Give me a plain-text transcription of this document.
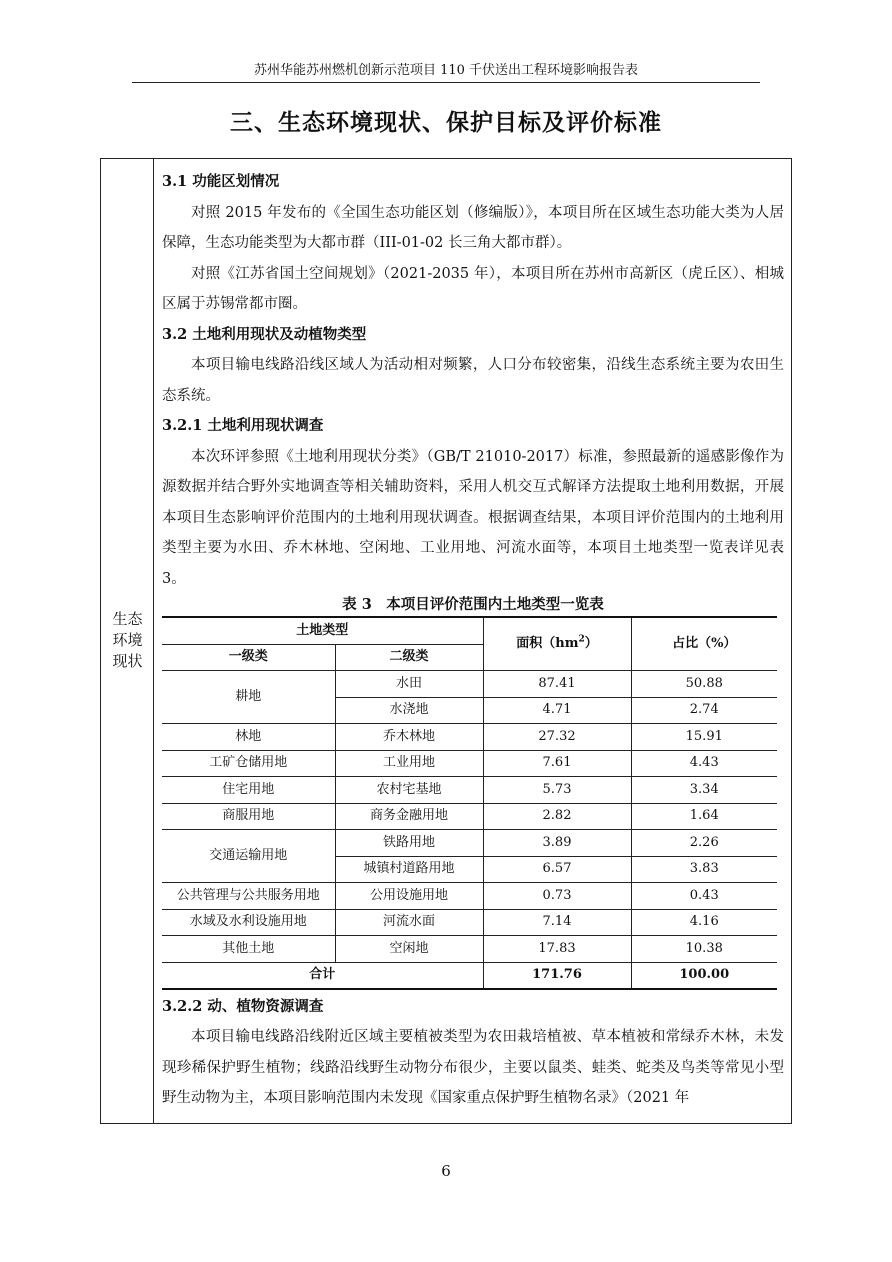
苏州华能苏州燃机创新示范项目 110 千伏送出工程环境影响报告表
三、生态环境现状、保护目标及评价标准
生态
环境
现状

3.1 功能区划情况

对照 2015 年发布的《全国生态功能区划（修编版）》，本项目所在区域生态功能大类为人居保障，生态功能类型为大都市群（III-01-02 长三角大都市群）。

对照《江苏省国土空间规划》（2021-2035 年），本项目所在苏州市高新区（虎丘区）、相城区属于苏锡常都市圈。

3.2 土地利用现状及动植物类型

本项目输电线路沿线区域人为活动相对频繁，人口分布较密集，沿线生态系统主要为农田生态系统。

3.2.1 土地利用现状调查

本次环评参照《土地利用现状分类》（GB/T 21010-2017）标准，参照最新的遥感影像作为源数据并结合野外实地调查等相关辅助资料，采用人机交互式解译方法提取土地利用数据，开展本项目生态影响评价范围内的土地利用现状调查。根据调查结果，本项目评价范围内的土地利用类型主要为水田、乔木林地、空闲地、工业用地、河流水面等，本项目土地类型一览表详见表 3。

表 3　本项目评价范围内土地类型一览表
土地类型		面积$(hm^2)$	占比（%）
一级类	二级类		
耕地	水田	87.41	50.88
	水浇地	4.71	2.74
林地	乔木林地	27.32	15.91
工矿仓储用地	工业用地	7.61	4.43
住宅用地	农村宅基地	5.73	3.34
商服用地	商务金融用地	2.82	1.64
交通运输用地	铁路用地	3.89	2.26
	城镇村道路用地	6.57	3.83
公共管理与公共服务用地	公用设施用地	0.73	0.43
水域及水利设施用地	河流水面	7.14	4.16
其他土地	空闲地	17.83	10.38
合计		171.76	100.00

3.2.2 动、植物资源调查

本项目输电线路沿线附近区域主要植被类型为农田栽培植被、草本植被和常绿乔木林，未发现珍稀保护野生植物；线路沿线野生动物分布很少，主要以鼠类、蛙类、蛇类及鸟类等常见小型野生动物为主，本项目影响范围内未发现《国家重点保护野生植物名录》（2021 年

6
